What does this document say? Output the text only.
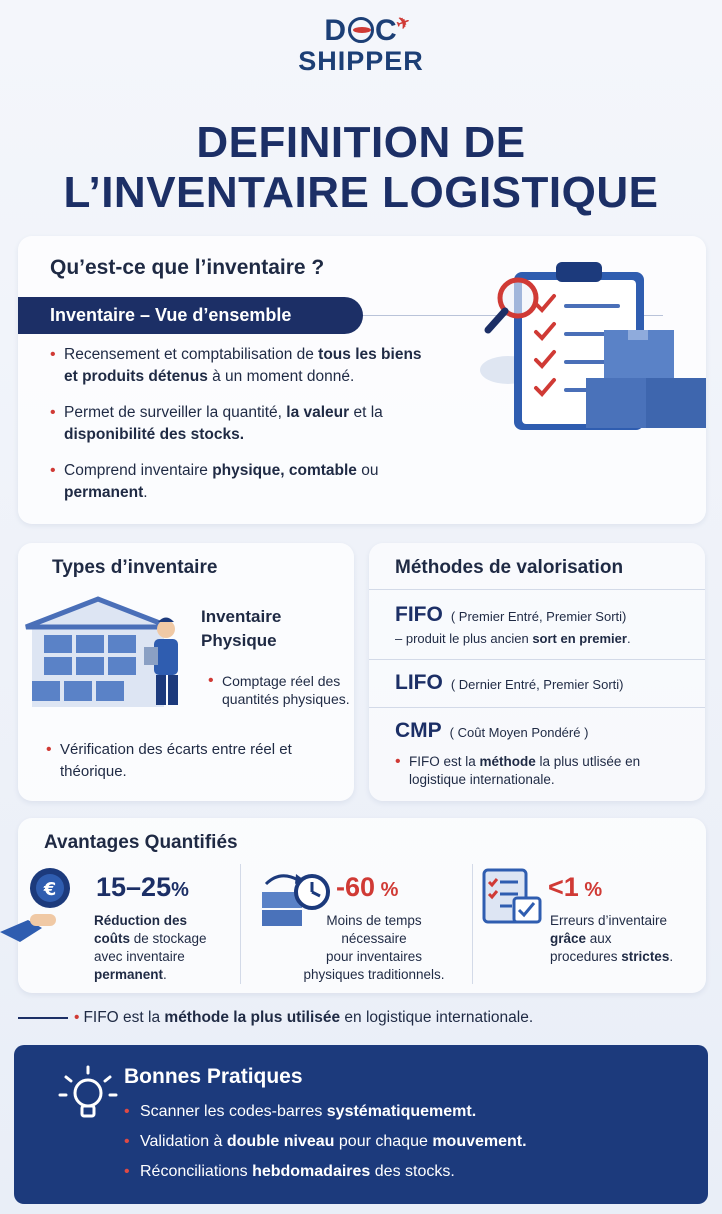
D C
✈
SHIPPER
DEFINITION DE
L’INVENTAIRE LOGISTIQUE
Qu’est-ce que l’inventaire ?
Inventaire – Vue d’ensemble
• Recensement et comptabilisation de tous les biens et produits détenus à un moment donné.
• Permet de surveiller la quantité, la valeur et la disponibilité des stocks.
• Comprend inventaire physique, comtable ou permanent.
Types d’inventaire
Inventaire
Physique
• Comptage réel des quantités physiques.
• Vérification des écarts entre réel et théorique.
Méthodes de valorisation
FIFO ( Premier Entré, Premier Sorti)
– produit le plus ancien sort en premier.
LIFO ( Dernier Entré, Premier Sorti)
CMP ( Coût Moyen Pondéré )
• FIFO est la méthode la plus utlisée en logistique internationale.
Avantages Quantifiés
€ 15–25%
Réduction des
coûts de stockage
avec inventaire
permanent.
-60 %
Moins de temps
nécessaire
pour inventaires
physiques traditionnels.
<1 %
Erreurs d’inventaire
grâce aux
procedures strictes.
• FIFO est la méthode la plus utilisée en logistique internationale.
Bonnes Pratiques
• Scanner les codes-barres systématiquememt.
• Validation à double niveau pour chaque mouvement.
• Réconciliations hebdomadaires des stocks.
